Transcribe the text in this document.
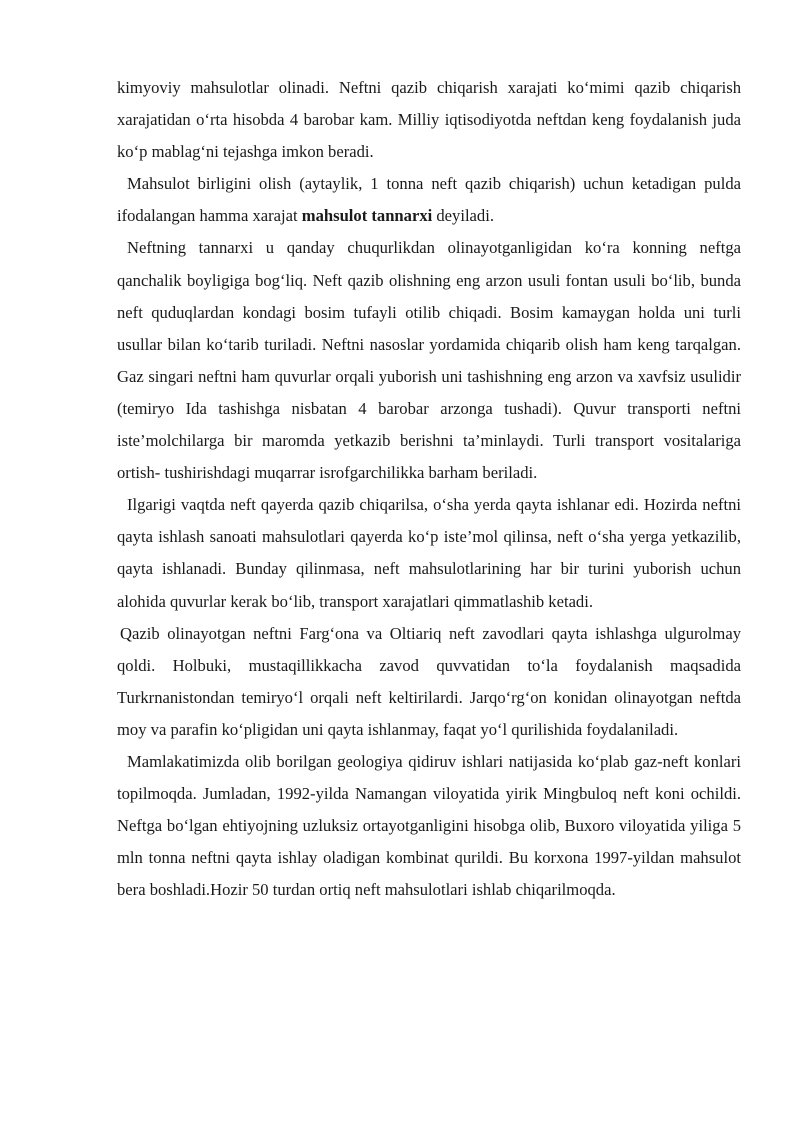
kimyoviy mahsulotlar olinadi. Neftni qazib chiqarish xarajati ko‘mimi qazib chiqarish xarajatidan o‘rta hisobda 4 barobar kam. Milliy iqtisodiyotda neftdan keng foydalanish juda ko‘p mablag‘ni tejashga imkon beradi.

Mahsulot birligini olish (aytaylik, 1 tonna neft qazib chiqarish) uchun ketadigan pulda ifodalangan hamma xarajat mahsulot tannarxi deyiladi.

Neftning tannarxi u qanday chuqurlikdan olinayotganligidan ko‘ra konning neftga qanchalik boyligiga bog‘liq. Neft qazib olishning eng arzon usuli fontan usuli bo‘lib, bunda neft quduqlardan kondagi bosim tufayli otilib chiqadi. Bosim kamaygan holda uni turli usullar bilan ko‘tarib turiladi. Neftni nasoslar yordamida chiqarib olish ham keng tarqalgan. Gaz singari neftni ham quvurlar orqali yuborish uni tashishning eng arzon va xavfsiz usulidir (temiryo Ida tashishga nisbatan 4 barobar arzonga tushadi). Quvur transporti neftni iste’molchilarga bir maromda yetkazib berishni ta’minlaydi. Turli transport vositalariga ortish- tushirishdagi muqarrar isrofgarchilikka barham beriladi.

Ilgarigi vaqtda neft qayerda qazib chiqarilsa, o‘sha yerda qayta ishlanar edi. Hozirda neftni qayta ishlash sanoati mahsulotlari qayerda ko‘p iste’mol qilinsa, neft o‘sha yerga yetkazilib, qayta ishlanadi. Bunday qilinmasa, neft mahsulotlarining har bir turini yuborish uchun alohida quvurlar kerak bo‘lib, transport xarajatlari qimmatlashib ketadi.

Qazib olinayotgan neftni Farg‘ona va Oltiariq neft zavodlari qayta ishlashga ulgurolmay qoldi. Holbuki, mustaqillikkacha zavod quvvatidan to‘la foydalanish maqsadida Turkrnanistondan temiryo‘l orqali neft keltirilardi. Jarqo‘rg‘on konidan olinayotgan neftda moy va parafin ko‘pligidan uni qayta ishlanmay, faqat yo‘l qurilishida foydalaniladi.

Mamlakatimizda olib borilgan geologiya qidiruv ishlari natijasida ko‘plab gaz-neft konlari topilmoqda. Jumladan, 1992-yilda Namangan viloyatida yirik Mingbuloq neft koni ochildi. Neftga bo‘lgan ehtiyojning uzluksiz ortayotganligini hisobga olib, Buxoro viloyatida yiliga 5 mln tonna neftni qayta ishlay oladigan kombinat qurildi. Bu korxona 1997-yildan mahsulot bera boshladi.Hozir 50 turdan ortiq neft mahsulotlari ishlab chiqarilmoqda.
